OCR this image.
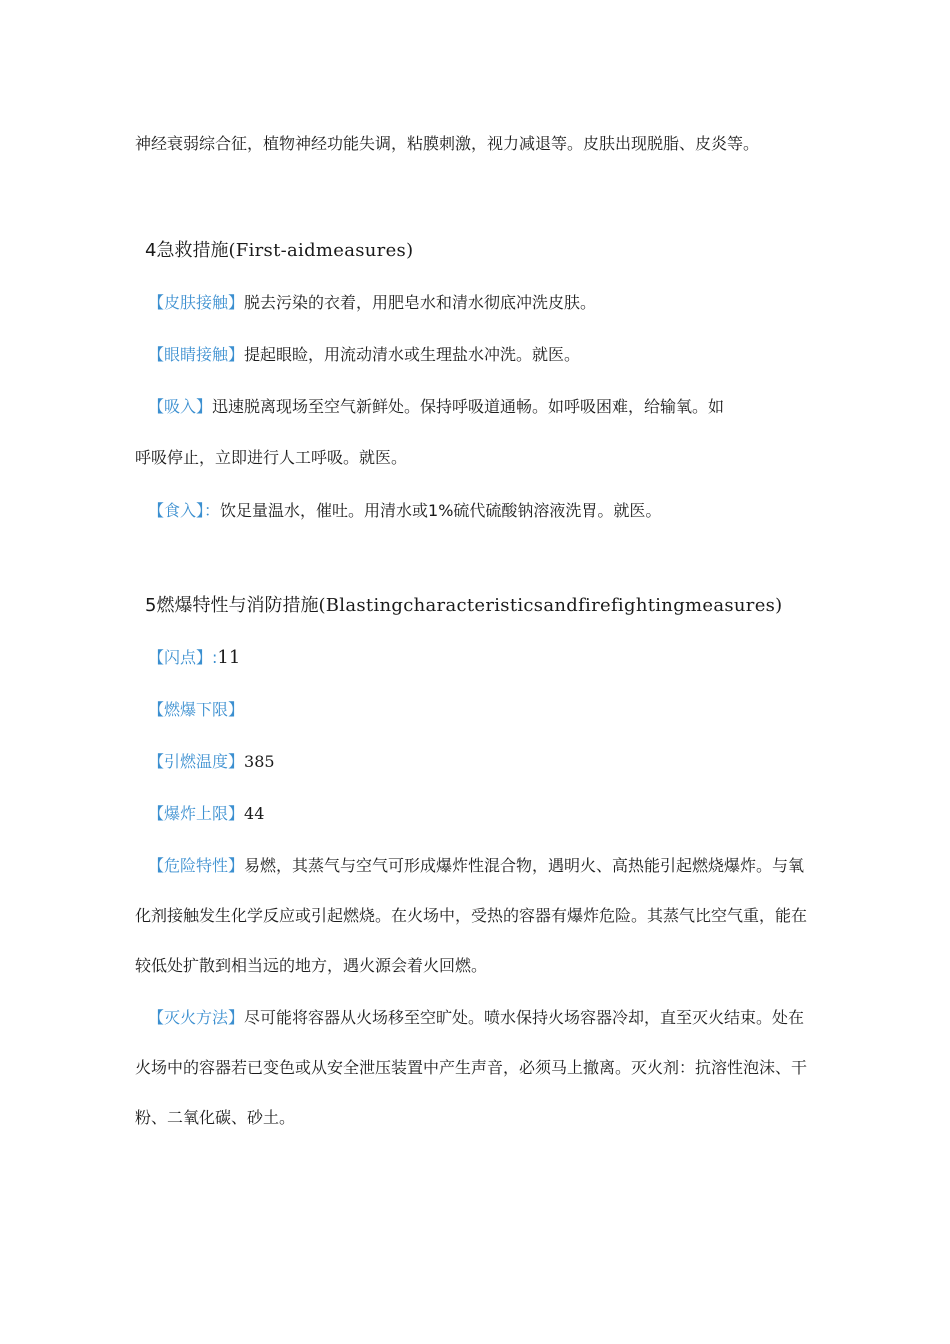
神经衰弱综合征，植物神经功能失调，粘膜刺激，视力减退等。皮肤出现脱脂、皮炎等。
4急救措施(First-aidmeasures)
【皮肤接触】脱去污染的衣着，用肥皂水和清水彻底冲洗皮肤。
【眼睛接触】提起眼睑，用流动清水或生理盐水冲洗。就医。
【吸入】迅速脱离现场至空气新鲜处。保持呼吸道通畅。如呼吸困难，给输氧。如
呼吸停止，立即进行人工呼吸。就医。
【食入】：饮足量温水，催吐。用清水或1%硫代硫酸钠溶液洗胃。就医。
5燃爆特性与消防措施(Blastingcharacteristicsandfirefightingmeasures)
【闪点】:11
【燃爆下限】
【引燃温度】385
【爆炸上限】44
【危险特性】易燃，其蒸气与空气可形成爆炸性混合物，遇明火、高热能引起燃烧爆炸。与氧
化剂接触发生化学反应或引起燃烧。在火场中，受热的容器有爆炸危险。其蒸气比空气重，能在
较低处扩散到相当远的地方，遇火源会着火回燃。
【灭火方法】尽可能将容器从火场移至空旷处。喷水保持火场容器冷却，直至灭火结束。处在
火场中的容器若已变色或从安全泄压装置中产生声音，必须马上撤离。灭火剂：抗溶性泡沫、干
粉、二氧化碳、砂土。
